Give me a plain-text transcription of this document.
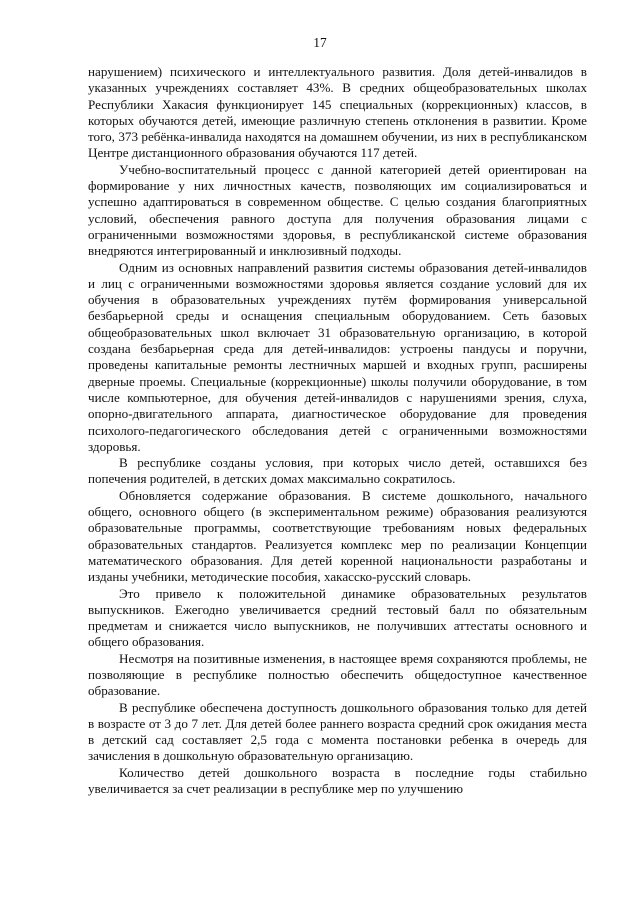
17

нарушением) психического и интеллектуального развития. Доля детей-инвалидов в указанных учреждениях составляет 43%. В средних общеобразовательных школах Республики Хакасия функционирует 145 специальных (коррекционных) классов, в которых обучаются детей, имеющие различную степень отклонения в развитии. Кроме того, 373 ребёнка-инвалида находятся на домашнем обучении, из них в республиканском Центре дистанционного образования обучаются 117 детей.

Учебно-воспитательный процесс с данной категорией детей ориентирован на формирование у них личностных качеств, позволяющих им социализироваться и успешно адаптироваться в современном обществе. С целью создания благоприятных условий, обеспечения равного доступа для получения образования лицами с ограниченными возможностями здоровья, в республиканской системе образования внедряются интегрированный и инклюзивный подходы.

Одним из основных направлений развития системы образования детей-инвалидов и лиц с ограниченными возможностями здоровья является создание условий для их обучения в образовательных учреждениях путём формирования универсальной безбарьерной среды и оснащения специальным оборудованием. Сеть базовых общеобразовательных школ включает 31 образовательную организацию, в которой создана безбарьерная среда для детей-инвалидов: устроены пандусы и поручни, проведены капитальные ремонты лестничных маршей и входных групп, расширены дверные проемы. Специальные (коррекционные) школы получили оборудование, в том числе компьютерное, для обучения детей-инвалидов с нарушениями зрения, слуха, опорно-двигательного аппарата, диагностическое оборудование для проведения психолого-педагогического обследования детей с ограниченными возможностями здоровья.

В республике созданы условия, при которых число детей, оставшихся без попечения родителей, в детских домах максимально сократилось.

Обновляется содержание образования. В системе дошкольного, начального общего, основного общего (в экспериментальном режиме) образования реализуются образовательные программы, соответствующие требованиям новых федеральных образовательных стандартов. Реализуется комплекс мер по реализации Концепции математического образования. Для детей коренной национальности разработаны и изданы учебники, методические пособия, хакасско-русский словарь.

Это привело к положительной динамике образовательных результатов выпускников. Ежегодно увеличивается средний тестовый балл по обязательным предметам и снижается число выпускников, не получивших аттестаты основного и общего образования.

Несмотря на позитивные изменения, в настоящее время сохраняются проблемы, не позволяющие в республике полностью обеспечить общедоступное качественное образование.

В республике обеспечена доступность дошкольного образования только для детей в возрасте от 3 до 7 лет. Для детей более раннего возраста средний срок ожидания места в детский сад составляет 2,5 года с момента постановки ребенка в очередь для зачисления в дошкольную образовательную организацию.

Количество детей дошкольного возраста в последние годы стабильно увеличивается за счет реализации в республике мер по улучшению
